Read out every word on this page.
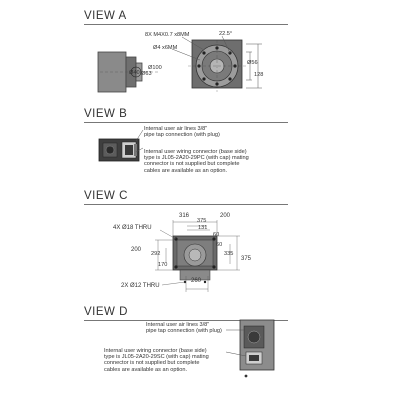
VIEW A
8X M4X0.7 x8MM
Ø4 x6MM
22.5°
Ø100
Ø40 Ø63
Ø56
128
VIEW B
Internal user air lines 3/8"
pipe tap connection (with plug)
Internal user wiring connector (base side)
type is JL05-2A20-29PC (with cap) mating
connector is not supplied but complete
cables are available as an option.
VIEW C
316	200
375
131
60
60
200
292	335
375
170
260
4X Ø18 THRU
2X Ø12 THRU
VIEW D
Internal user air lines 3/8"
pipe tap connection (with plug)
Internal user wiring connector (base side)
type is JL05-2A20-29SC (with cap) mating
connector is not supplied but complete
cables are available as an option.
